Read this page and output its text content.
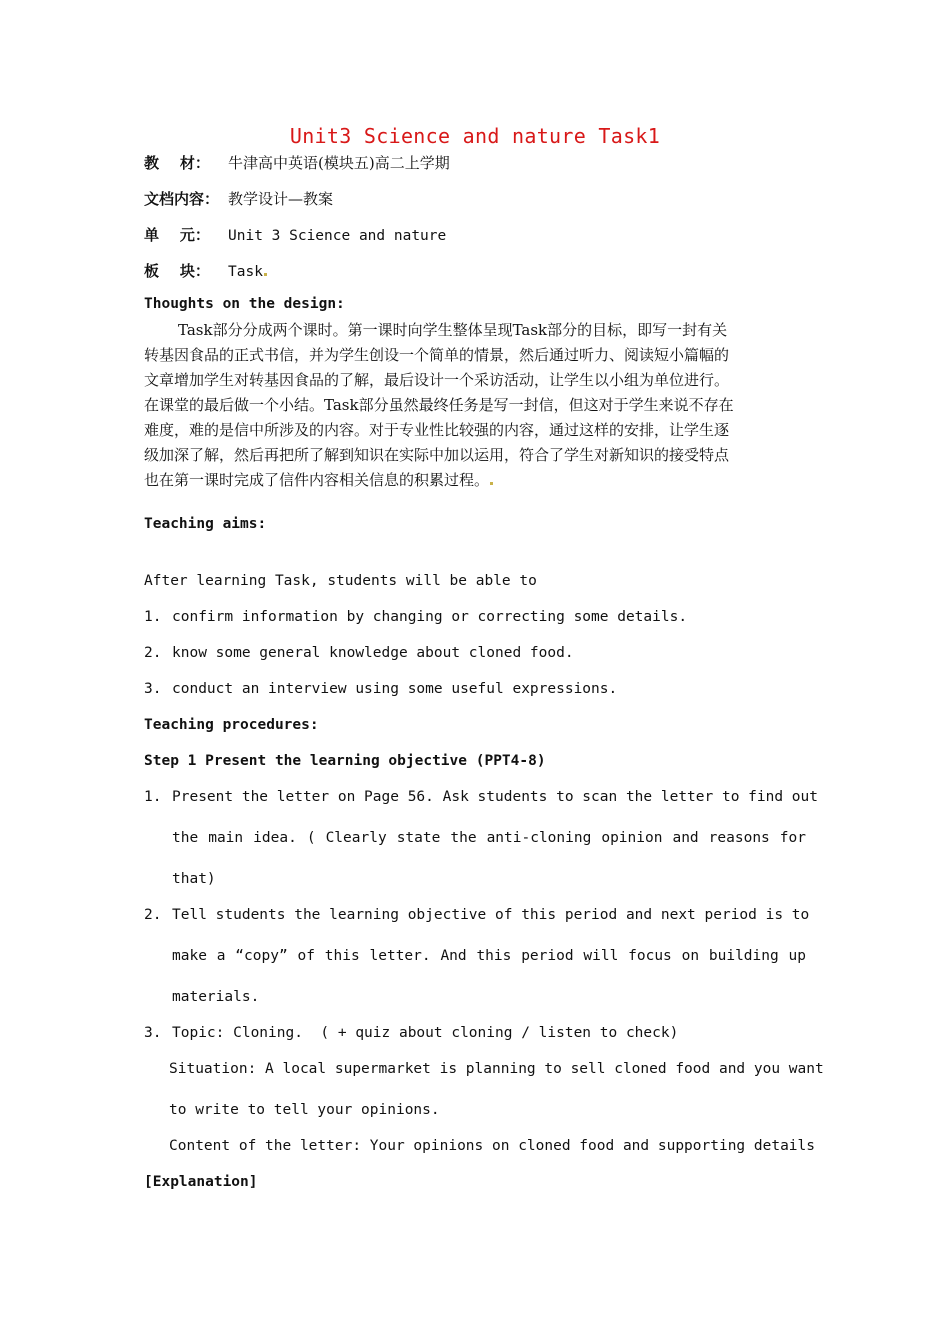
Unit3 Science and nature Task1
教    材： 牛津高中英语(模块五)高二上学期
文档内容： 教学设计—教案
单    元： Unit 3 Science and nature
板    块： Task
Thoughts on the design:
Task部分分成两个课时。第一课时向学生整体呈现Task部分的目标，即写一封有关
转基因食品的正式书信，并为学生创设一个简单的情景，然后通过听力、阅读短小篇幅的
文章增加学生对转基因食品的了解，最后设计一个采访活动，让学生以小组为单位进行。
在课堂的最后做一个小结。Task部分虽然最终任务是写一封信，但这对于学生来说不存在
难度，难的是信中所涉及的内容。对于专业性比较强的内容，通过这样的安排，让学生逐
级加深了解，然后再把所了解到知识在实际中加以运用，符合了学生对新知识的接受特点
也在第一课时完成了信件内容相关信息的积累过程。
Teaching aims:
After learning Task, students will be able to
1. confirm information by changing or correcting some details.
2. know some general knowledge about cloned food.
3. conduct an interview using some useful expressions.
Teaching procedures:
Step 1 Present the learning objective (PPT4-8)
1. Present the letter on Page 56. Ask students to scan the letter to find out
the main idea. ( Clearly state the anti-cloning opinion and reasons for
that)
2. Tell students the learning objective of this period and next period is to
make a “copy” of this letter. And this period will focus on building up
materials.
3. Topic: Cloning.  ( + quiz about cloning / listen to check)
Situation: A local supermarket is planning to sell cloned food and you want
to write to tell your opinions.
Content of the letter: Your opinions on cloned food and supporting details
[Explanation]
